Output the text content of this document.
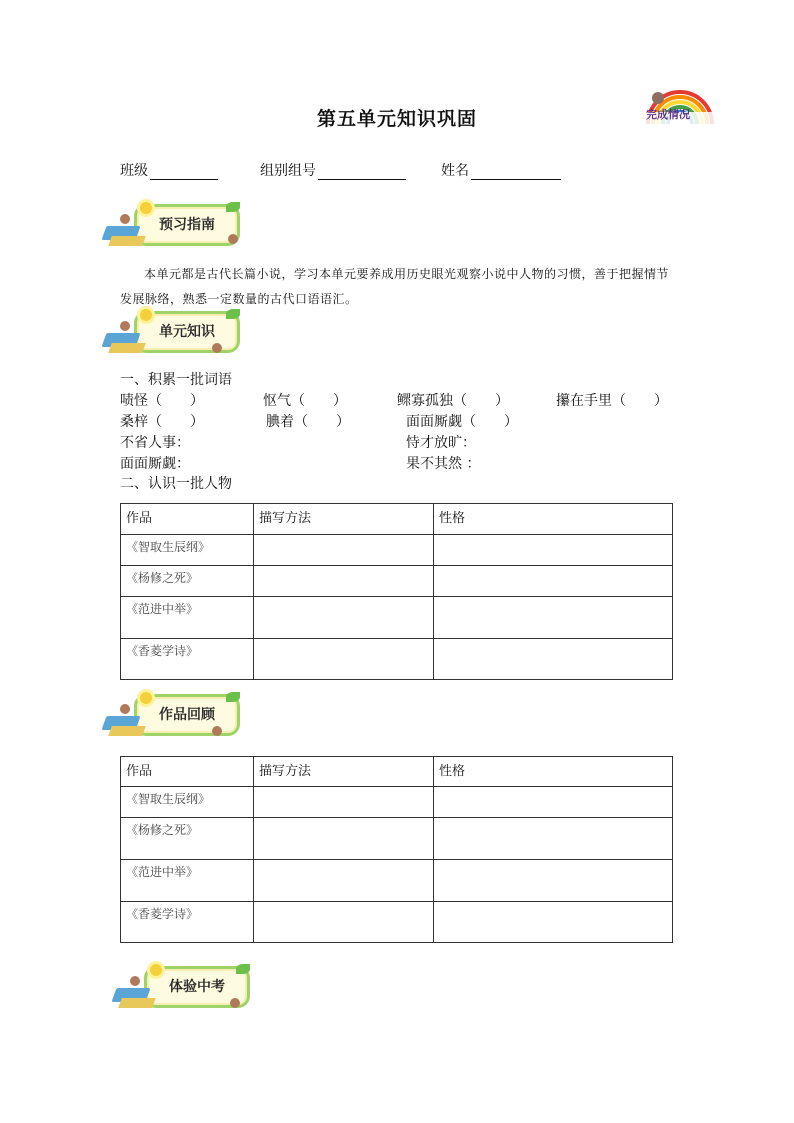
第五单元知识巩固	完成情况
班级	组别组号	姓名
预习指南
本单元都是古代长篇小说，学习本单元要养成用历史眼光观察小说中人物的习惯，善于把握情节发展脉络，熟悉一定数量的古代口语语汇。
单元知识
一、积累一批词语
啧怪（　　）	怄气（　　）	鳏寡孤独（　　）	攥在手里（　　）
桑梓（　　）	腆着（　　）	面面厮觑（　　）
不省人事：	恃才放旷：
面面厮觑：	果不其然 ：
二、认识一批人物
作品	描写方法	性格
《智取生辰纲》		
《杨修之死》		
《范进中举》		
《香菱学诗》		
作品回顾
作品	描写方法	性格
《智取生辰纲》		
《杨修之死》		
《范进中举》		
《香菱学诗》		
体验中考
